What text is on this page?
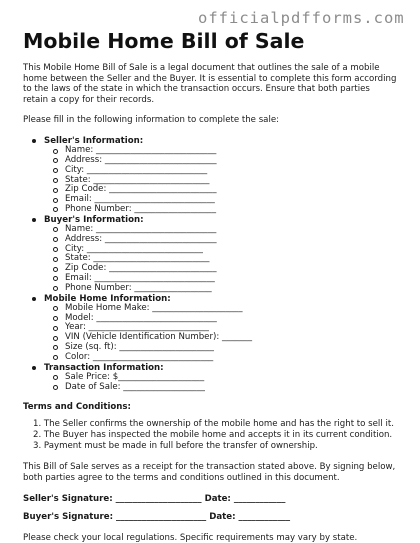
officialpdfforms.com
Mobile Home Bill of Sale

This Mobile Home Bill of Sale is a legal document that outlines the sale of a mobile home between the Seller and the Buyer. It is essential to complete this form according to the laws of the state in which the transaction occurs. Ensure that both parties retain a copy for their records.

Please fill in the following information to complete the sale:

Seller's Information:
Name: ____________________________
Address: __________________________
City: ____________________________
State: ___________________________
Zip Code: _________________________
Email: ____________________________
Phone Number: ___________________
Buyer's Information:
Name: ____________________________
Address: __________________________
City: ___________________________
State: ___________________________
Zip Code: _________________________
Email: ____________________________
Phone Number: __________________
Mobile Home Information:
Mobile Home Make: _____________________
Model: ____________________________
Year: ____________________________
VIN (Vehicle Identification Number): _______
Size (sq. ft): ______________________
Color: ____________________________
Transaction Information:
Sale Price: $____________________
Date of Sale: ___________________
Terms and Conditions:
1. The Seller confirms the ownership of the mobile home and has the right to sell it.
2. The Buyer has inspected the mobile home and accepts it in its current condition.
3. Payment must be made in full before the transfer of ownership.

This Bill of Sale serves as a receipt for the transaction stated above. By signing below, both parties agree to the terms and conditions outlined in this document.

Seller's Signature: ____________________ Date: ____________
Buyer's Signature: _____________________ Date: ____________

Please check your local regulations. Specific requirements may vary by state.
